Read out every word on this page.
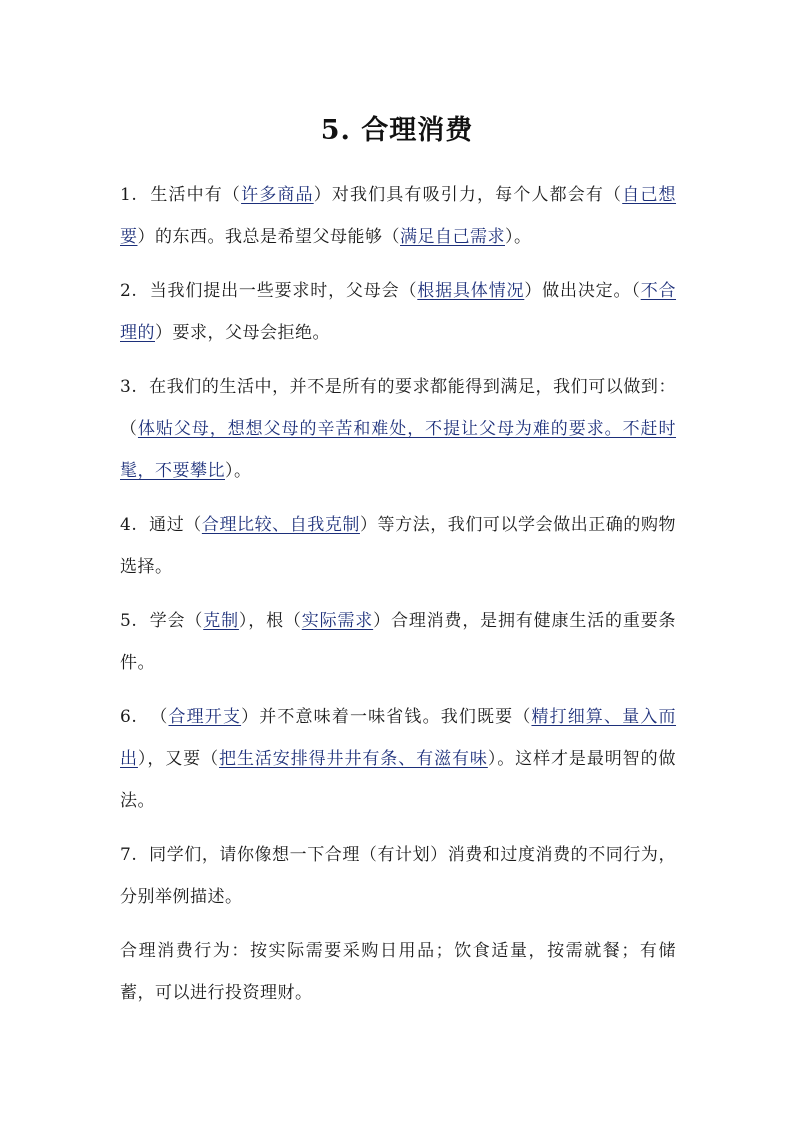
5. 合理消费

1. 生活中有（许多商品）对我们具有吸引力，每个人都会有（自己想要）的东西。我总是希望父母能够（满足自己需求）。

2. 当我们提出一些要求时，父母会（根据具体情况）做出决定。（不合理的）要求，父母会拒绝。

3. 在我们的生活中，并不是所有的要求都能得到满足，我们可以做到：（体贴父母，想想父母的辛苦和难处，不提让父母为难的要求。不赶时髦，不要攀比）。

4. 通过（合理比较、自我克制）等方法，我们可以学会做出正确的购物选择。

5. 学会（克制），根（实际需求）合理消费，是拥有健康生活的重要条件。

6. （合理开支）并不意味着一味省钱。我们既要（精打细算、量入而出），又要（把生活安排得井井有条、有滋有味）。这样才是最明智的做法。

7. 同学们，请你像想一下合理（有计划）消费和过度消费的不同行为，分别举例描述。

合理消费行为：按实际需要采购日用品；饮食适量，按需就餐；有储蓄，可以进行投资理财。
